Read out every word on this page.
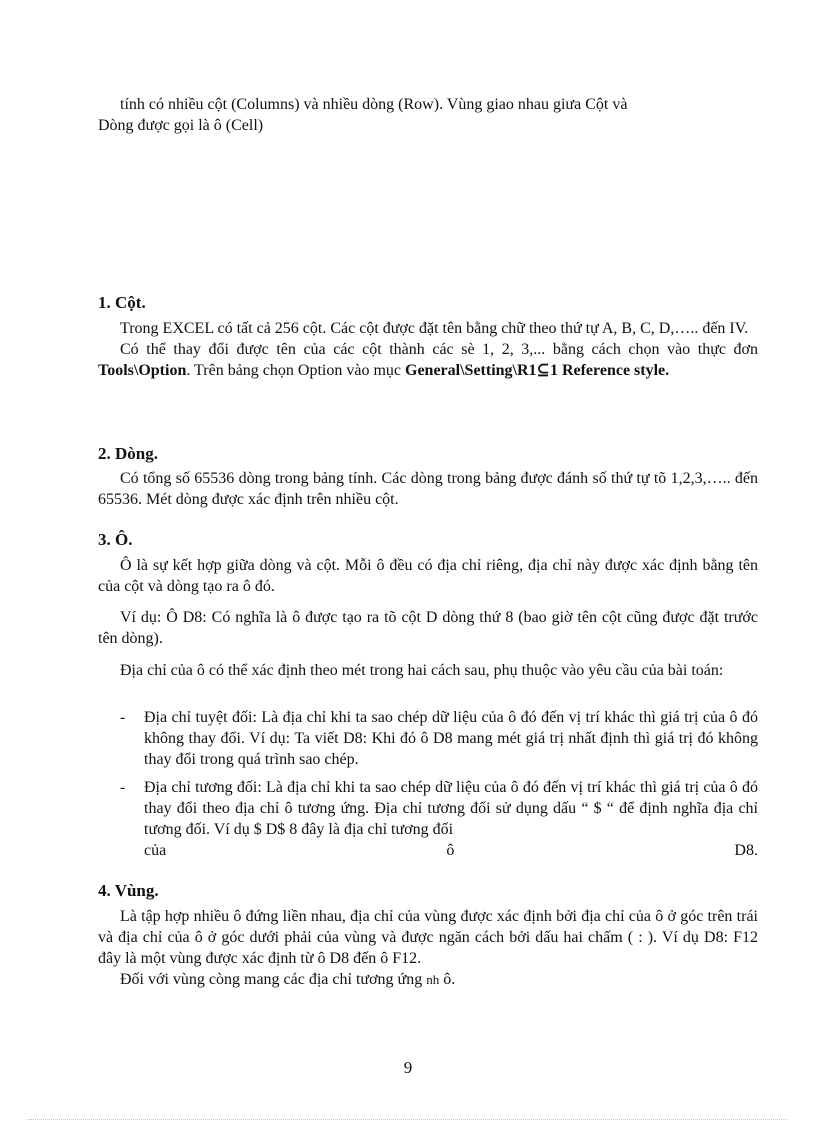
tính có nhiều cột (Columns) và nhiều dòng (Row). Vùng giao nhau giưa Cột và

Dòng được gọi là ô (Cell)

1. Cột.

Trong EXCEL có tất cả 256 cột. Các cột được đặt tên bằng chữ theo thứ tự A, B, C, D,….. đến IV.

Có thể thay đổi được tên của các cột thành các sè 1, 2, 3,... bằng cách chọn vào thực đơn Tools\Option. Trên bảng chọn Option vào mục General\Setting\R1⊆1 Reference style.

2. Dòng.

Có tổng số 65536 dòng trong bảng tính. Các dòng trong bảng được đánh số thứ tự tõ 1,2,3,….. đến 65536. Mét dòng được xác định trên nhiều cột.

3. Ô.
Ô là sự kết hợp giữa dòng và cột. Mỗi ô đều có địa chỉ riêng, địa chỉ này được xác định bằng tên của cột và dòng tạo ra ô đó.
Ví dụ: Ô D8: Có nghĩa là ô được tạo ra tõ cột D dòng thứ 8 (bao giờ tên cột cũng được đặt trước tên dòng).
Địa chỉ của ô có thể xác định theo mét trong hai cách sau, phụ thuộc vào yêu cầu của bài toán:
- Địa chỉ tuyệt đối: Là địa chỉ khi ta sao chép dữ liệu của ô đó đến vị trí khác thì giá trị của ô đó không thay đổi. Ví dụ: Ta viết D8: Khi đó ô D8 mang mét giá trị nhất định thì giá trị đó không thay đổi trong quá trình sao chép.
- Địa chỉ tương đối: Là địa chỉ khi ta sao chép dữ liệu của ô đó đến vị trí khác thì giá trị của ô đó thay đổi theo địa chỉ ô tương ứng. Địa chỉ tương đối sử dụng dấu “ $ “ để định nghĩa địa chỉ tương đối. Ví dụ $ D$ 8 đây là địa chỉ tương đối
của	ô	D8.
4. Vùng.

Là tập hợp nhiều ô đứng liền nhau, địa chỉ của vùng được xác định bởi địa chỉ của ô ở góc trên trái và địa chỉ của ô ở góc dưới phải của vùng và được ngăn cách bởi dấu hai chấm ( : ). Ví dụ D8: F12 đây là một vùng được xác định từ ô D8 đến ô F12.

Đối với vùng còng mang các địa chỉ tương ứng nh ô.

9
